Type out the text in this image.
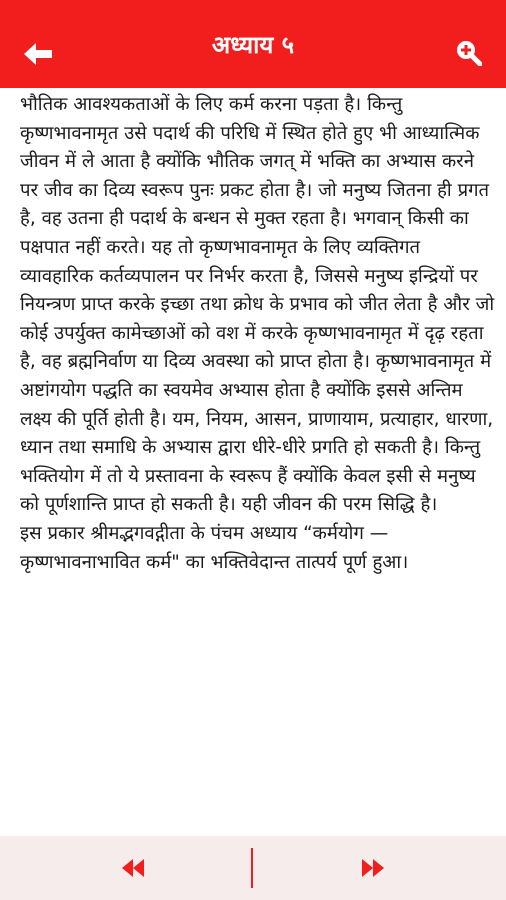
अध्याय ५

भौतिक आवश्यकताओं के लिए कर्म करना पड़ता है। किन्तु कृष्णभावनामृत उसे पदार्थ की परिधि में स्थित होते हुए भी आध्यात्मिक जीवन में ले आता है क्योंकि भौतिक जगत् में भक्ति का अभ्यास करने पर जीव का दिव्य स्वरूप पुनः प्रकट होता है। जो मनुष्य जितना ही प्रगत है, वह उतना ही पदार्थ के बन्धन से मुक्त रहता है। भगवान् किसी का पक्षपात नहीं करते। यह तो कृष्णभावनामृत के लिए व्यक्तिगत व्यावहारिक कर्तव्यपालन पर निर्भर करता है, जिससे मनुष्य इन्द्रियों पर नियन्त्रण प्राप्त करके इच्छा तथा क्रोध के प्रभाव को जीत लेता है और जो कोई उपर्युक्त कामेच्छाओं को वश में करके कृष्णभावनामृत में दृढ़ रहता है, वह ब्रह्मनिर्वाण या दिव्य अवस्था को प्राप्त होता है। कृष्णभावनामृत में अष्टांगयोग पद्धति का स्वयमेव अभ्यास होता है क्योंकि इससे अन्तिम लक्ष्य की पूर्ति होती है। यम, नियम, आसन, प्राणायाम, प्रत्याहार, धारणा, ध्यान तथा समाधि के अभ्यास द्वारा धीरे-धीरे प्रगति हो सकती है। किन्तु भक्तियोग में तो ये प्रस्तावना के स्वरूप हैं क्योंकि केवल इसी से मनुष्य को पूर्णशान्ति प्राप्त हो सकती है। यही जीवन की परम सिद्धि है।
इस प्रकार श्रीमद्भगवद्गीता के पंचम अध्याय “कर्मयोग — कृष्णभावनाभावित कर्म" का भक्तिवेदान्त तात्पर्य पूर्ण हुआ।
